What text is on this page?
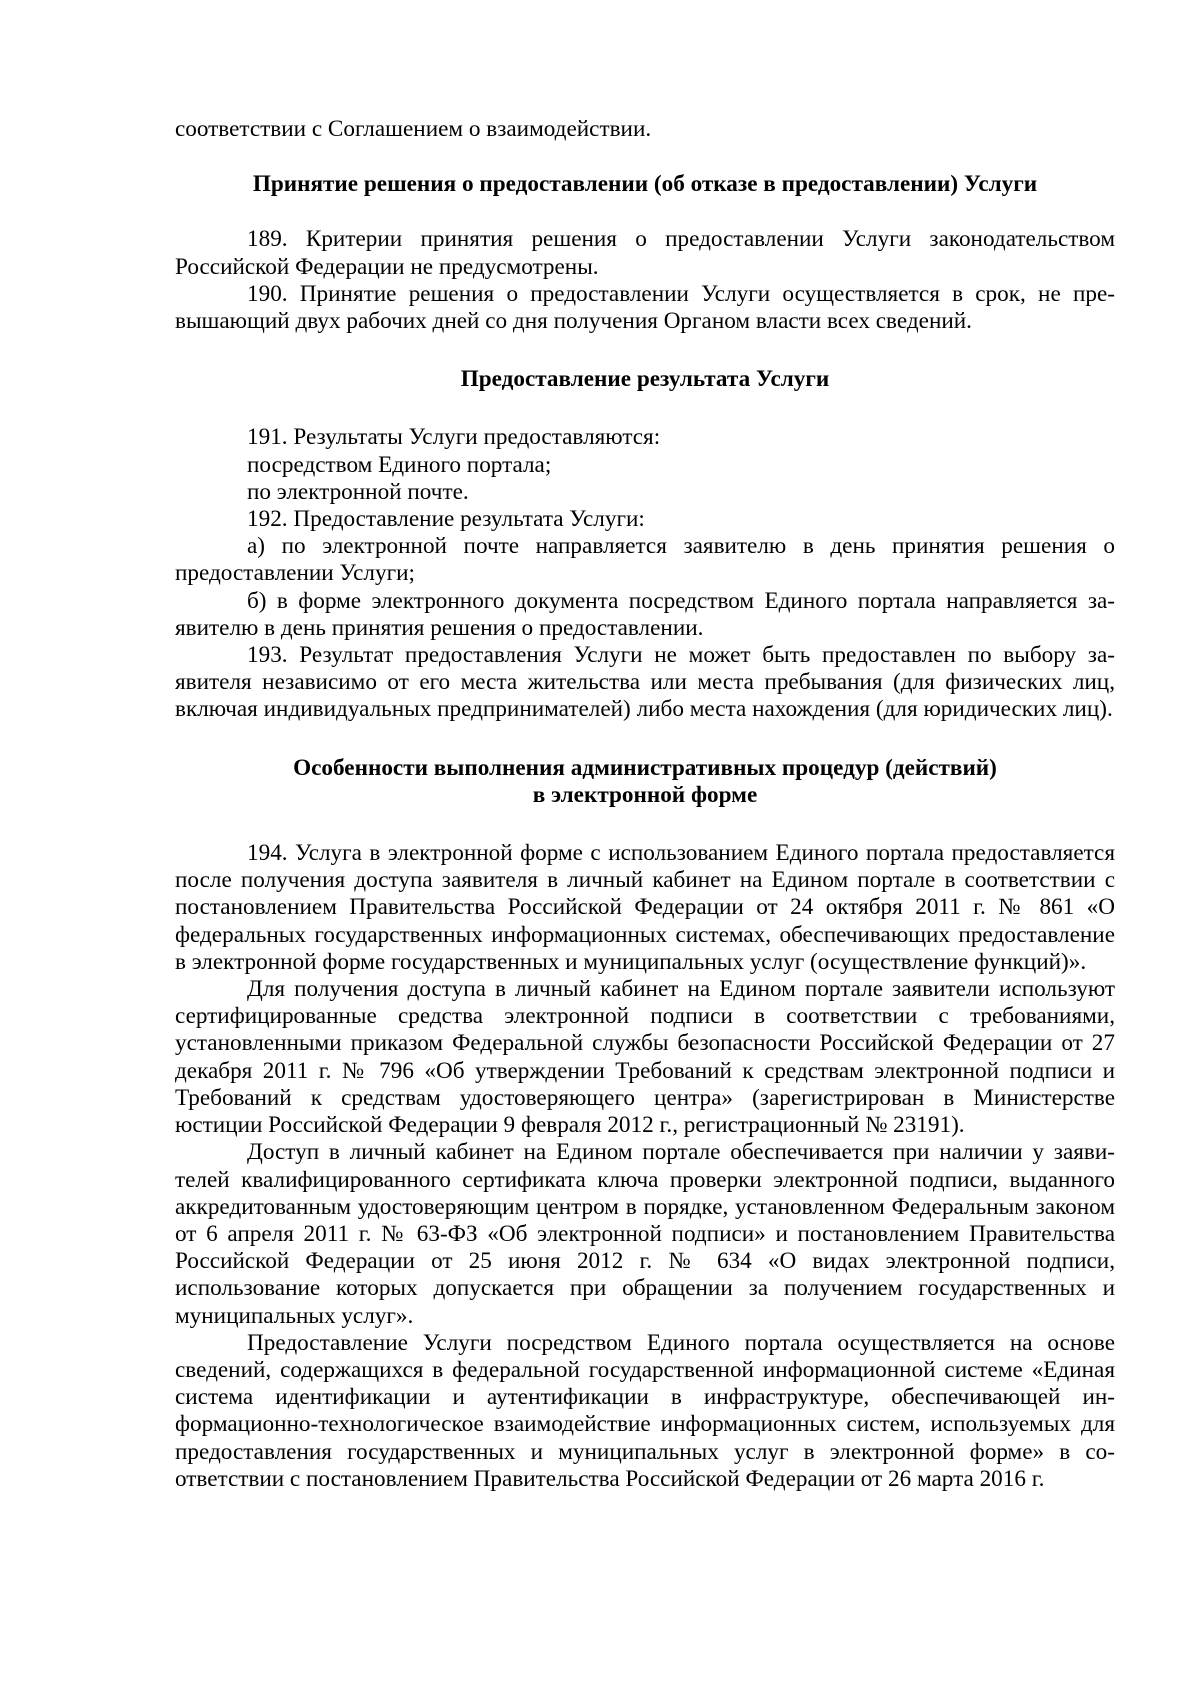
соответствии с Соглашением о взаимодействии.

Принятие решения о предоставлении (об отказе в предоставлении) Услуги

189. Критерии принятия решения о предоставлении Услуги законодательством Российской Федерации не предусмотрены.

190. Принятие решения о предоставлении Услуги осуществляется в срок, не превышающий двух рабочих дней со дня получения Органом власти всех сведений.

Предоставление результата Услуги

191. Результаты Услуги предоставляются:

посредством Единого портала;

по электронной почте.

192. Предоставление результата Услуги:

а) по электронной почте направляется заявителю в день принятия решения о предоставлении Услуги;

б) в форме электронного документа посредством Единого портала направляется заявителю в день принятия решения о предоставлении.

193. Результат предоставления Услуги не может быть предоставлен по выбору заявителя независимо от его места жительства или места пребывания (для физических лиц, включая индивидуальных предпринимателей) либо места нахождения (для юридических лиц).

Особенности выполнения административных процедур (действий)
в электронной форме

194. Услуга в электронной форме с использованием Единого портала предоставляется после получения доступа заявителя в личный кабинет на Едином портале в соответствии с постановлением Правительства Российской Федерации от 24 октября 2011 г. № 861 «О федеральных государственных информационных системах, обеспечивающих предоставление в электронной форме государственных и муниципальных услуг (осуществление функций)».

Для получения доступа в личный кабинет на Едином портале заявители используют сертифицированные средства электронной подписи в соответствии с требованиями, установленными приказом Федеральной службы безопасности Российской Федерации от 27 декабря 2011 г. № 796 «Об утверждении Требований к средствам электронной подписи и Требований к средствам удостоверяющего центра» (зарегистрирован в Министерстве юстиции Российской Федерации 9 февраля 2012 г., регистрационный № 23191).

Доступ в личный кабинет на Едином портале обеспечивается при наличии у заявителей квалифицированного сертификата ключа проверки электронной подписи, выданного аккредитованным удостоверяющим центром в порядке, установленном Федеральным законом от 6 апреля 2011 г. № 63-ФЗ «Об электронной подписи» и постановлением Правительства Российской Федерации от 25 июня 2012 г. № 634 «О видах электронной подписи, использование которых допускается при обращении за получением государственных и муниципальных услуг».

Предоставление Услуги посредством Единого портала осуществляется на основе сведений, содержащихся в федеральной государственной информационной системе «Единая система идентификации и аутентификации в инфраструктуре, обеспечивающей информационно-технологическое взаимодействие информационных систем, используемых для предоставления государственных и муниципальных услуг в электронной форме» в соответствии с постановлением Правительства Российской Федерации от 26 марта 2016 г.
